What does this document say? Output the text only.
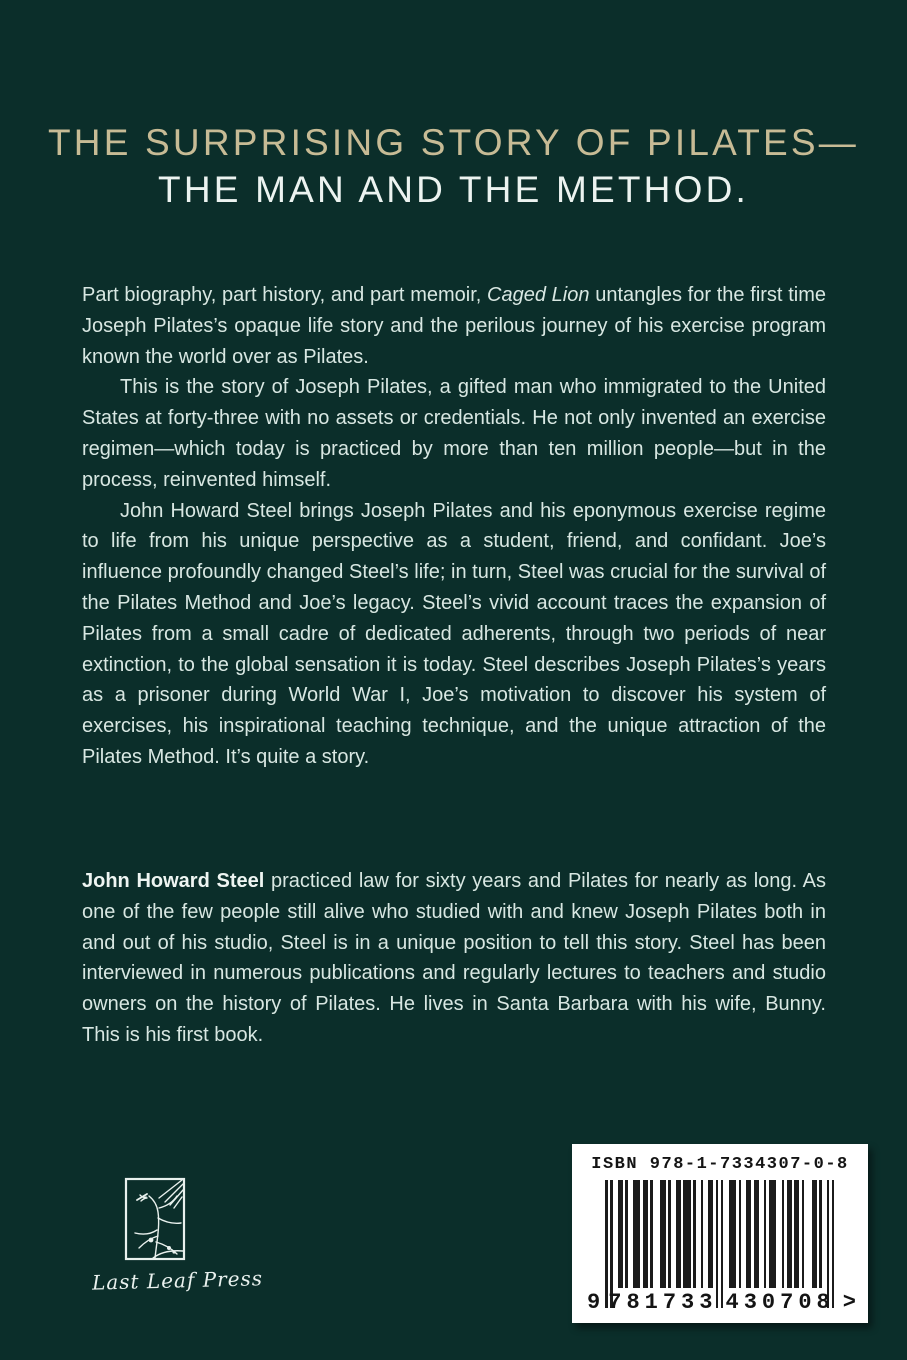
THE SURPRISING STORY OF PILATES—
THE MAN AND THE METHOD.

Part biography, part history, and part memoir, Caged Lion untangles for the first time Joseph Pilates’s opaque life story and the perilous journey of his exercise program known the world over as Pilates.

This is the story of Joseph Pilates, a gifted man who immigrated to the United States at forty-three with no assets or credentials. He not only invented an exercise regimen—which today is practiced by more than ten million people—but in the process, reinvented himself.

John Howard Steel brings Joseph Pilates and his eponymous exercise regime to life from his unique perspective as a student, friend, and confidant. Joe’s influence profoundly changed Steel’s life; in turn, Steel was crucial for the survival of the Pilates Method and Joe’s legacy. Steel’s vivid account traces the expansion of Pilates from a small cadre of dedicated adherents, through two periods of near extinction, to the global sensation it is today. Steel describes Joseph Pilates’s years as a prisoner during World War I, Joe’s motivation to discover his system of exercises, his inspirational teaching technique, and the unique attraction of the Pilates Method. It’s quite a story.

John Howard Steel practiced law for sixty years and Pilates for nearly as long. As one of the few people still alive who studied with and knew Joseph Pilates both in and out of his studio, Steel is in a unique position to tell this story. Steel has been interviewed in numerous publications and regularly lectures to teachers and studio owners on the history of Pilates. He lives in Santa Barbara with his wife, Bunny. This is his first book.

Last Leaf Press
ISBN 978-1-7334307-0-8
9 781733 430708 >
